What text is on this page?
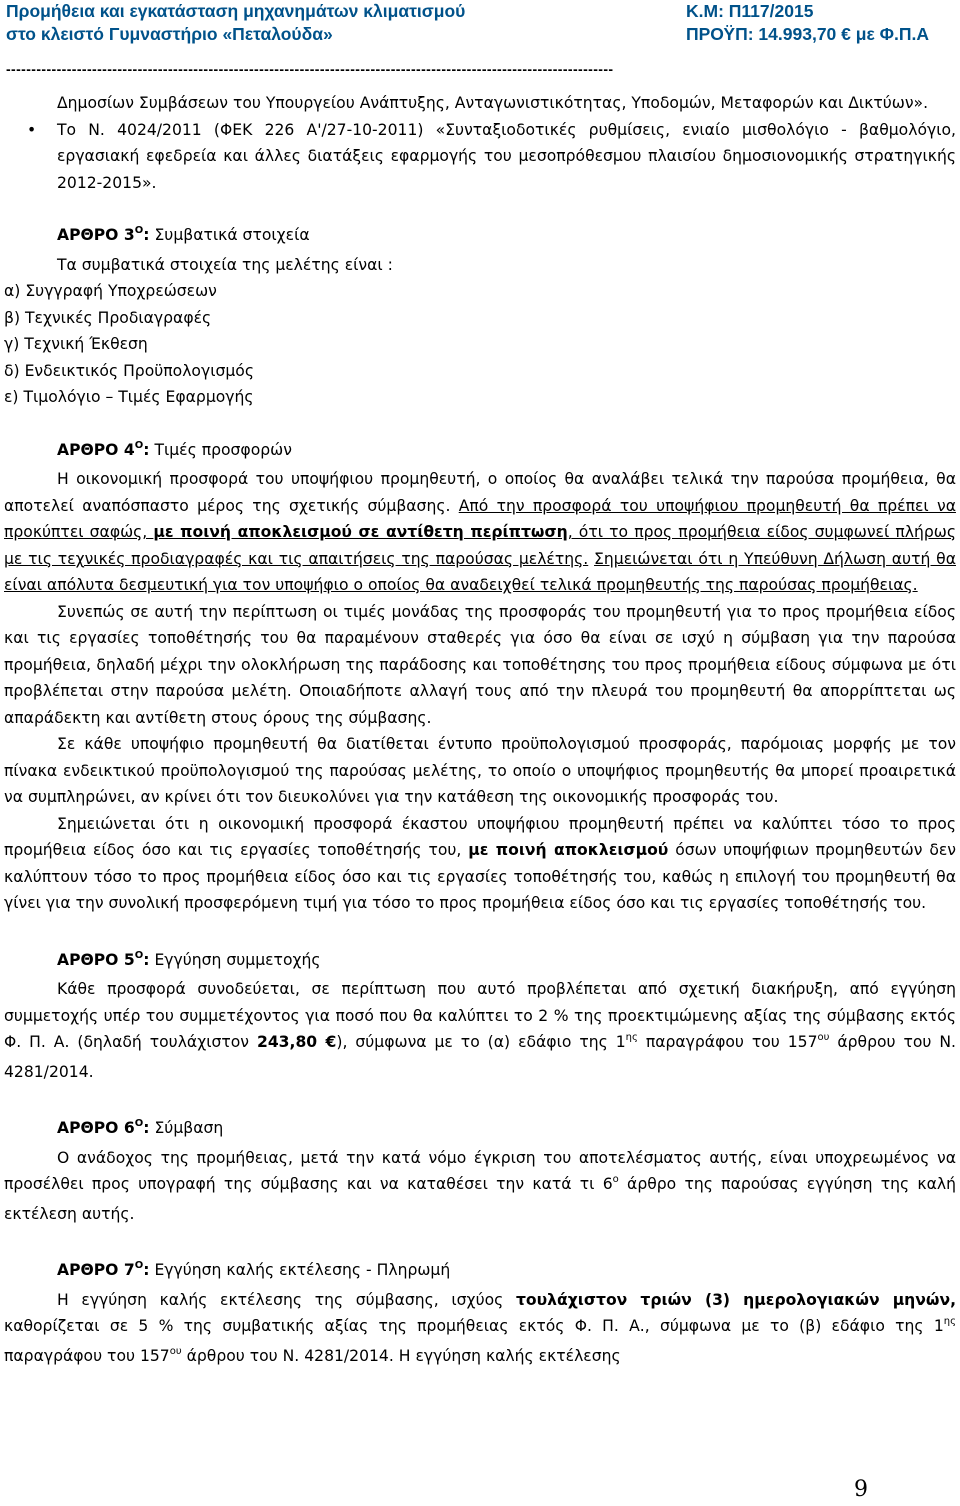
Προμήθεια και εγκατάσταση μηχανημάτων κλιματισμού	Κ.Μ: Π117/2015
στο κλειστό Γυμναστήριο «Πεταλούδα»	ΠΡΟΫΠ: 14.993,70 € με Φ.Π.Α
------------------------------------------------------------------------------------------------------------------------
Δημοσίων Συμβάσεων του Υπουργείου Ανάπτυξης, Ανταγωνιστικότητας, Υποδομών, Μεταφορών και Δικτύων».
• Το Ν. 4024/2011 (ΦΕΚ 226 Α'/27-10-2011) «Συνταξιοδοτικές ρυθμίσεις, ενιαίο μισθολόγιο - βαθμολόγιο, εργασιακή εφεδρεία και άλλες διατάξεις εφαρμογής του μεσοπρόθεσμου πλαισίου δημοσιονομικής στρατηγικής 2012-2015».
ΑΡΘΡΟ $3^O$: Συμβατικά στοιχεία

Τα συμβατικά στοιχεία της μελέτης είναι :

α) Συγγραφή Υποχρεώσεων

β) Τεχνικές Προδιαγραφές

γ) Τεχνική Έκθεση

δ) Ενδεικτικός Προϋπολογισμός

ε) Τιμολόγιο – Τιμές Εφαρμογής

ΑΡΘΡΟ $4^O$: Τιμές προσφορών

Η οικονομική προσφορά του υποψήφιου προμηθευτή, ο οποίος θα αναλάβει τελικά την παρούσα προμήθεια, θα αποτελεί αναπόσπαστο μέρος της σχετικής σύμβασης. Από την προσφορά του υποψήφιου προμηθευτή θα πρέπει να προκύπτει σαφώς, με ποινή αποκλεισμού σε αντίθετη περίπτωση, ότι το προς προμήθεια είδος συμφωνεί πλήρως με τις τεχνικές προδιαγραφές και τις απαιτήσεις της παρούσας μελέτης. Σημειώνεται ότι η Υπεύθυνη Δήλωση αυτή θα είναι απόλυτα δεσμευτική για τον υποψήφιο ο οποίος θα αναδειχθεί τελικά προμηθευτής της παρούσας προμήθειας.

Συνεπώς σε αυτή την περίπτωση οι τιμές μονάδας της προσφοράς του προμηθευτή για το προς προμήθεια είδος και τις εργασίες τοποθέτησής του θα παραμένουν σταθερές για όσο θα είναι σε ισχύ η σύμβαση για την παρούσα προμήθεια, δηλαδή μέχρι την ολοκλήρωση της παράδοσης και τοποθέτησης του προς προμήθεια είδους σύμφωνα με ότι προβλέπεται στην παρούσα μελέτη. Οποιαδήποτε αλλαγή τους από την πλευρά του προμηθευτή θα απορρίπτεται ως απαράδεκτη και αντίθετη στους όρους της σύμβασης.

Σε κάθε υποψήφιο προμηθευτή θα διατίθεται έντυπο προϋπολογισμού προσφοράς, παρόμοιας μορφής με τον πίνακα ενδεικτικού προϋπολογισμού της παρούσας μελέτης, το οποίο ο υποψήφιος προμηθευτής θα μπορεί προαιρετικά να συμπληρώνει, αν κρίνει ότι τον διευκολύνει για την κατάθεση της οικονομικής προσφοράς του.

Σημειώνεται ότι η οικονομική προσφορά έκαστου υποψήφιου προμηθευτή πρέπει να καλύπτει τόσο το προς προμήθεια είδος όσο και τις εργασίες τοποθέτησής του, με ποινή αποκλεισμού όσων υποψήφιων προμηθευτών δεν καλύπτουν τόσο το προς προμήθεια είδος όσο και τις εργασίες τοποθέτησής του, καθώς η επιλογή του προμηθευτή θα γίνει για την συνολική προσφερόμενη τιμή για τόσο το προς προμήθεια είδος όσο και τις εργασίες τοποθέτησής του.

ΑΡΘΡΟ $5^O$: Εγγύηση συμμετοχής

Κάθε προσφορά συνοδεύεται, σε περίπτωση που αυτό προβλέπεται από σχετική διακήρυξη, από εγγύηση συμμετοχής υπέρ του συμμετέχοντος για ποσό που θα καλύπτει το 2 % της προεκτιμώμενης αξίας της σύμβασης εκτός Φ. Π. Α. (δηλαδή τουλάχιστον 243,80 €), σύμφωνα με το (α) εδάφιο της $1^{\eta\varsigma}$ παραγράφου του $157^{o\upsilon}$ άρθρου του Ν. 4281/2014.

ΑΡΘΡΟ $6^O$: Σύμβαση

Ο ανάδοχος της προμήθειας, μετά την κατά νόμο έγκριση του αποτελέσματος αυτής, είναι υποχρεωμένος να προσέλθει προς υπογραφή της σύμβασης και να καταθέσει την κατά τι $6^o$ άρθρο της παρούσας εγγύηση της καλή εκτέλεση αυτής.

ΑΡΘΡΟ $7^O$: Εγγύηση καλής εκτέλεσης - Πληρωμή

Η εγγύηση καλής εκτέλεσης της σύμβασης, ισχύος τουλάχιστον τριών (3) ημερολογιακών μηνών, καθορίζεται σε 5 % της συμβατικής αξίας της προμήθειας εκτός Φ. Π. Α., σύμφωνα με το (β) εδάφιο της $1^{\eta\varsigma}$ παραγράφου του $157^{o\upsilon}$ άρθρου του Ν. 4281/2014. Η εγγύηση καλής εκτέλεσης

9
